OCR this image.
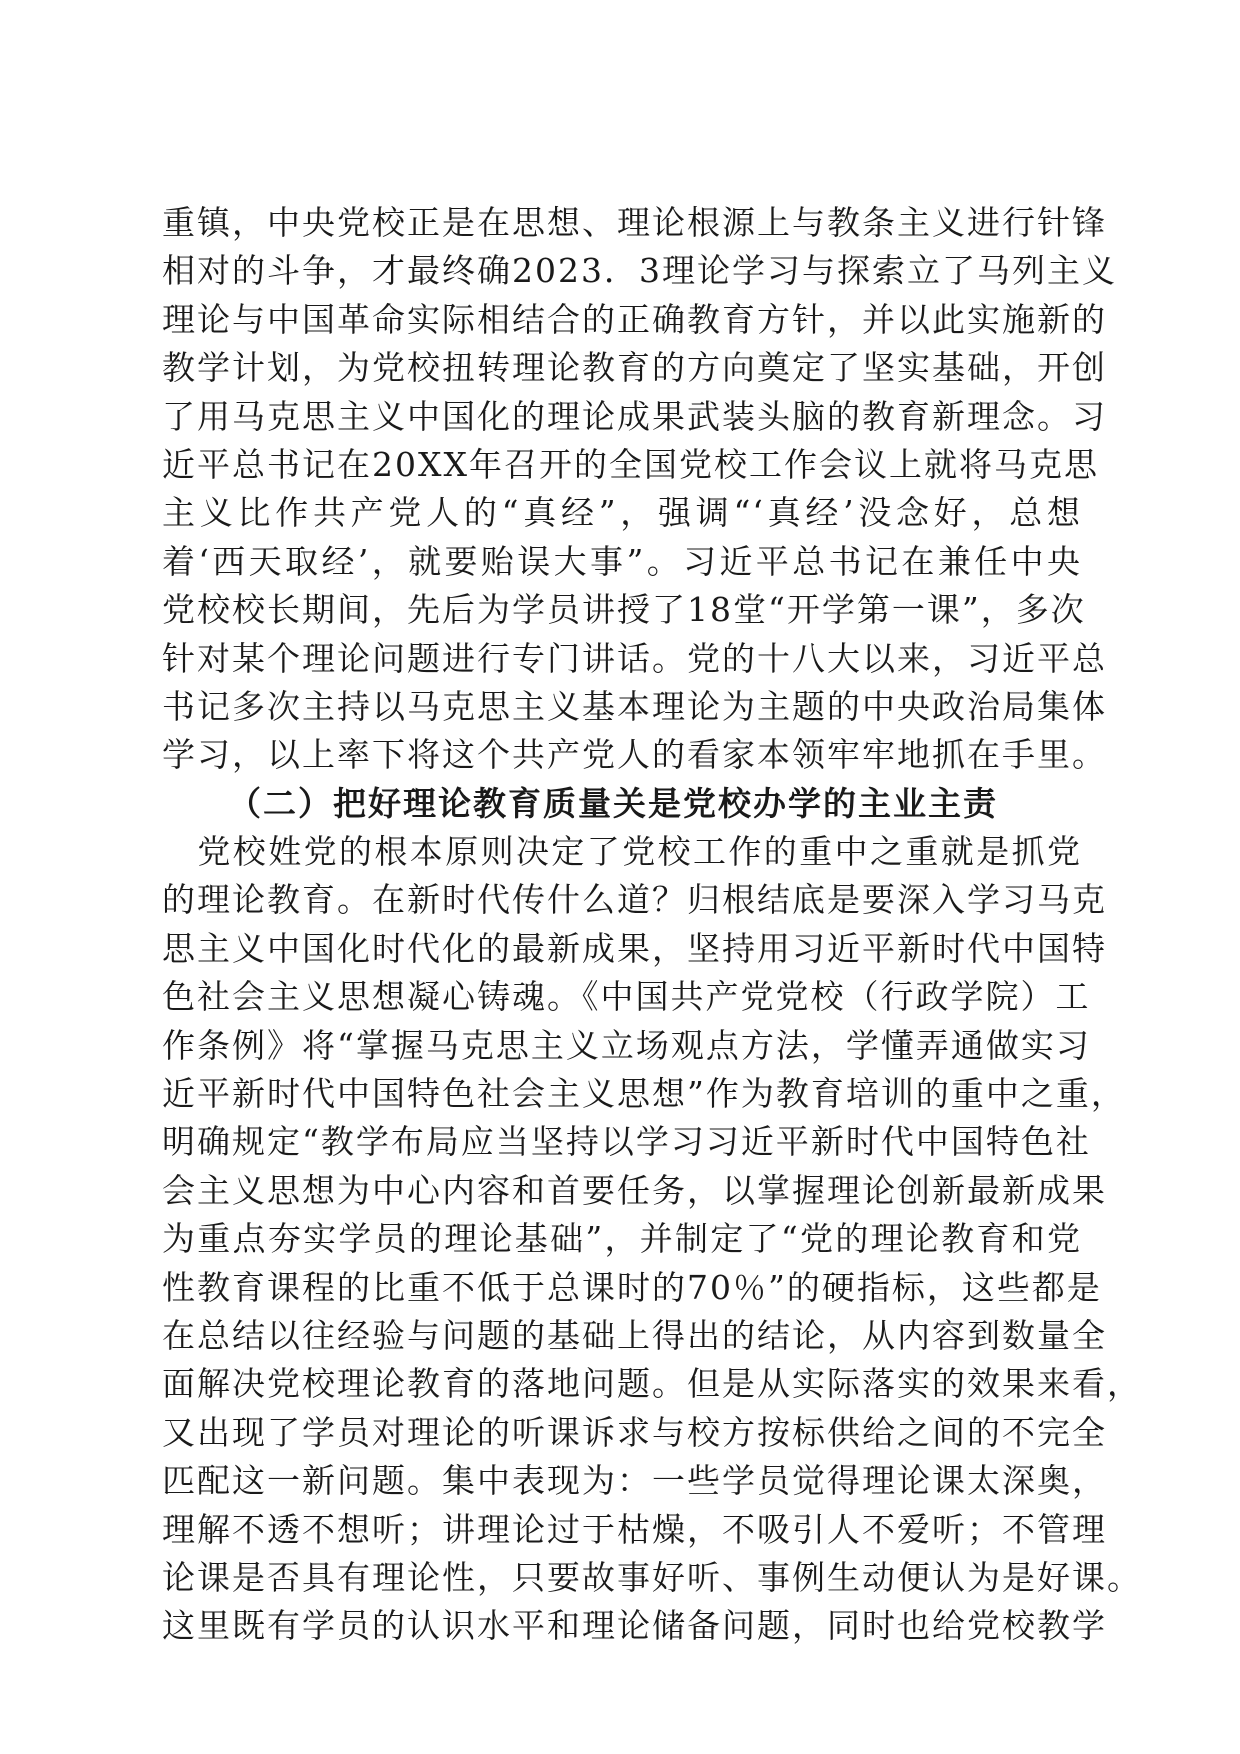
重镇，中央党校正是在思想、理论根源上与教条主义进行针锋
相对的斗争，才最终确2023．3理论学习与探索立了马列主义
理论与中国革命实际相结合的正确教育方针，并以此实施新的
教学计划，为党校扭转理论教育的方向奠定了坚实基础，开创
了用马克思主义中国化的理论成果武装头脑的教育新理念。习
近平总书记在20XX年召开的全国党校工作会议上就将马克思
主义比作共产党人的“真经”，强调“‘真经’没念好，总想
着‘西天取经’，就要贻误大事”。习近平总书记在兼任中央
党校校长期间，先后为学员讲授了18堂“开学第一课”，多次
针对某个理论问题进行专门讲话。党的十八大以来，习近平总
书记多次主持以马克思主义基本理论为主题的中央政治局集体
学习，以上率下将这个共产党人的看家本领牢牢地抓在手里。
（二）把好理论教育质量关是党校办学的主业主责
　党校姓党的根本原则决定了党校工作的重中之重就是抓党
的理论教育。在新时代传什么道？归根结底是要深入学习马克
思主义中国化时代化的最新成果，坚持用习近平新时代中国特
色社会主义思想凝心铸魂。《中国共产党党校（行政学院）工
作条例》将“掌握马克思主义立场观点方法，学懂弄通做实习
近平新时代中国特色社会主义思想”作为教育培训的重中之重，
明确规定“教学布局应当坚持以学习习近平新时代中国特色社
会主义思想为中心内容和首要任务，以掌握理论创新最新成果
为重点夯实学员的理论基础”，并制定了“党的理论教育和党
性教育课程的比重不低于总课时的70％”的硬指标，这些都是
在总结以往经验与问题的基础上得出的结论，从内容到数量全
面解决党校理论教育的落地问题。但是从实际落实的效果来看，
又出现了学员对理论的听课诉求与校方按标供给之间的不完全
匹配这一新问题。集中表现为：一些学员觉得理论课太深奥，
理解不透不想听；讲理论过于枯燥，不吸引人不爱听；不管理
论课是否具有理论性，只要故事好听、事例生动便认为是好课。
这里既有学员的认识水平和理论储备问题，同时也给党校教学
